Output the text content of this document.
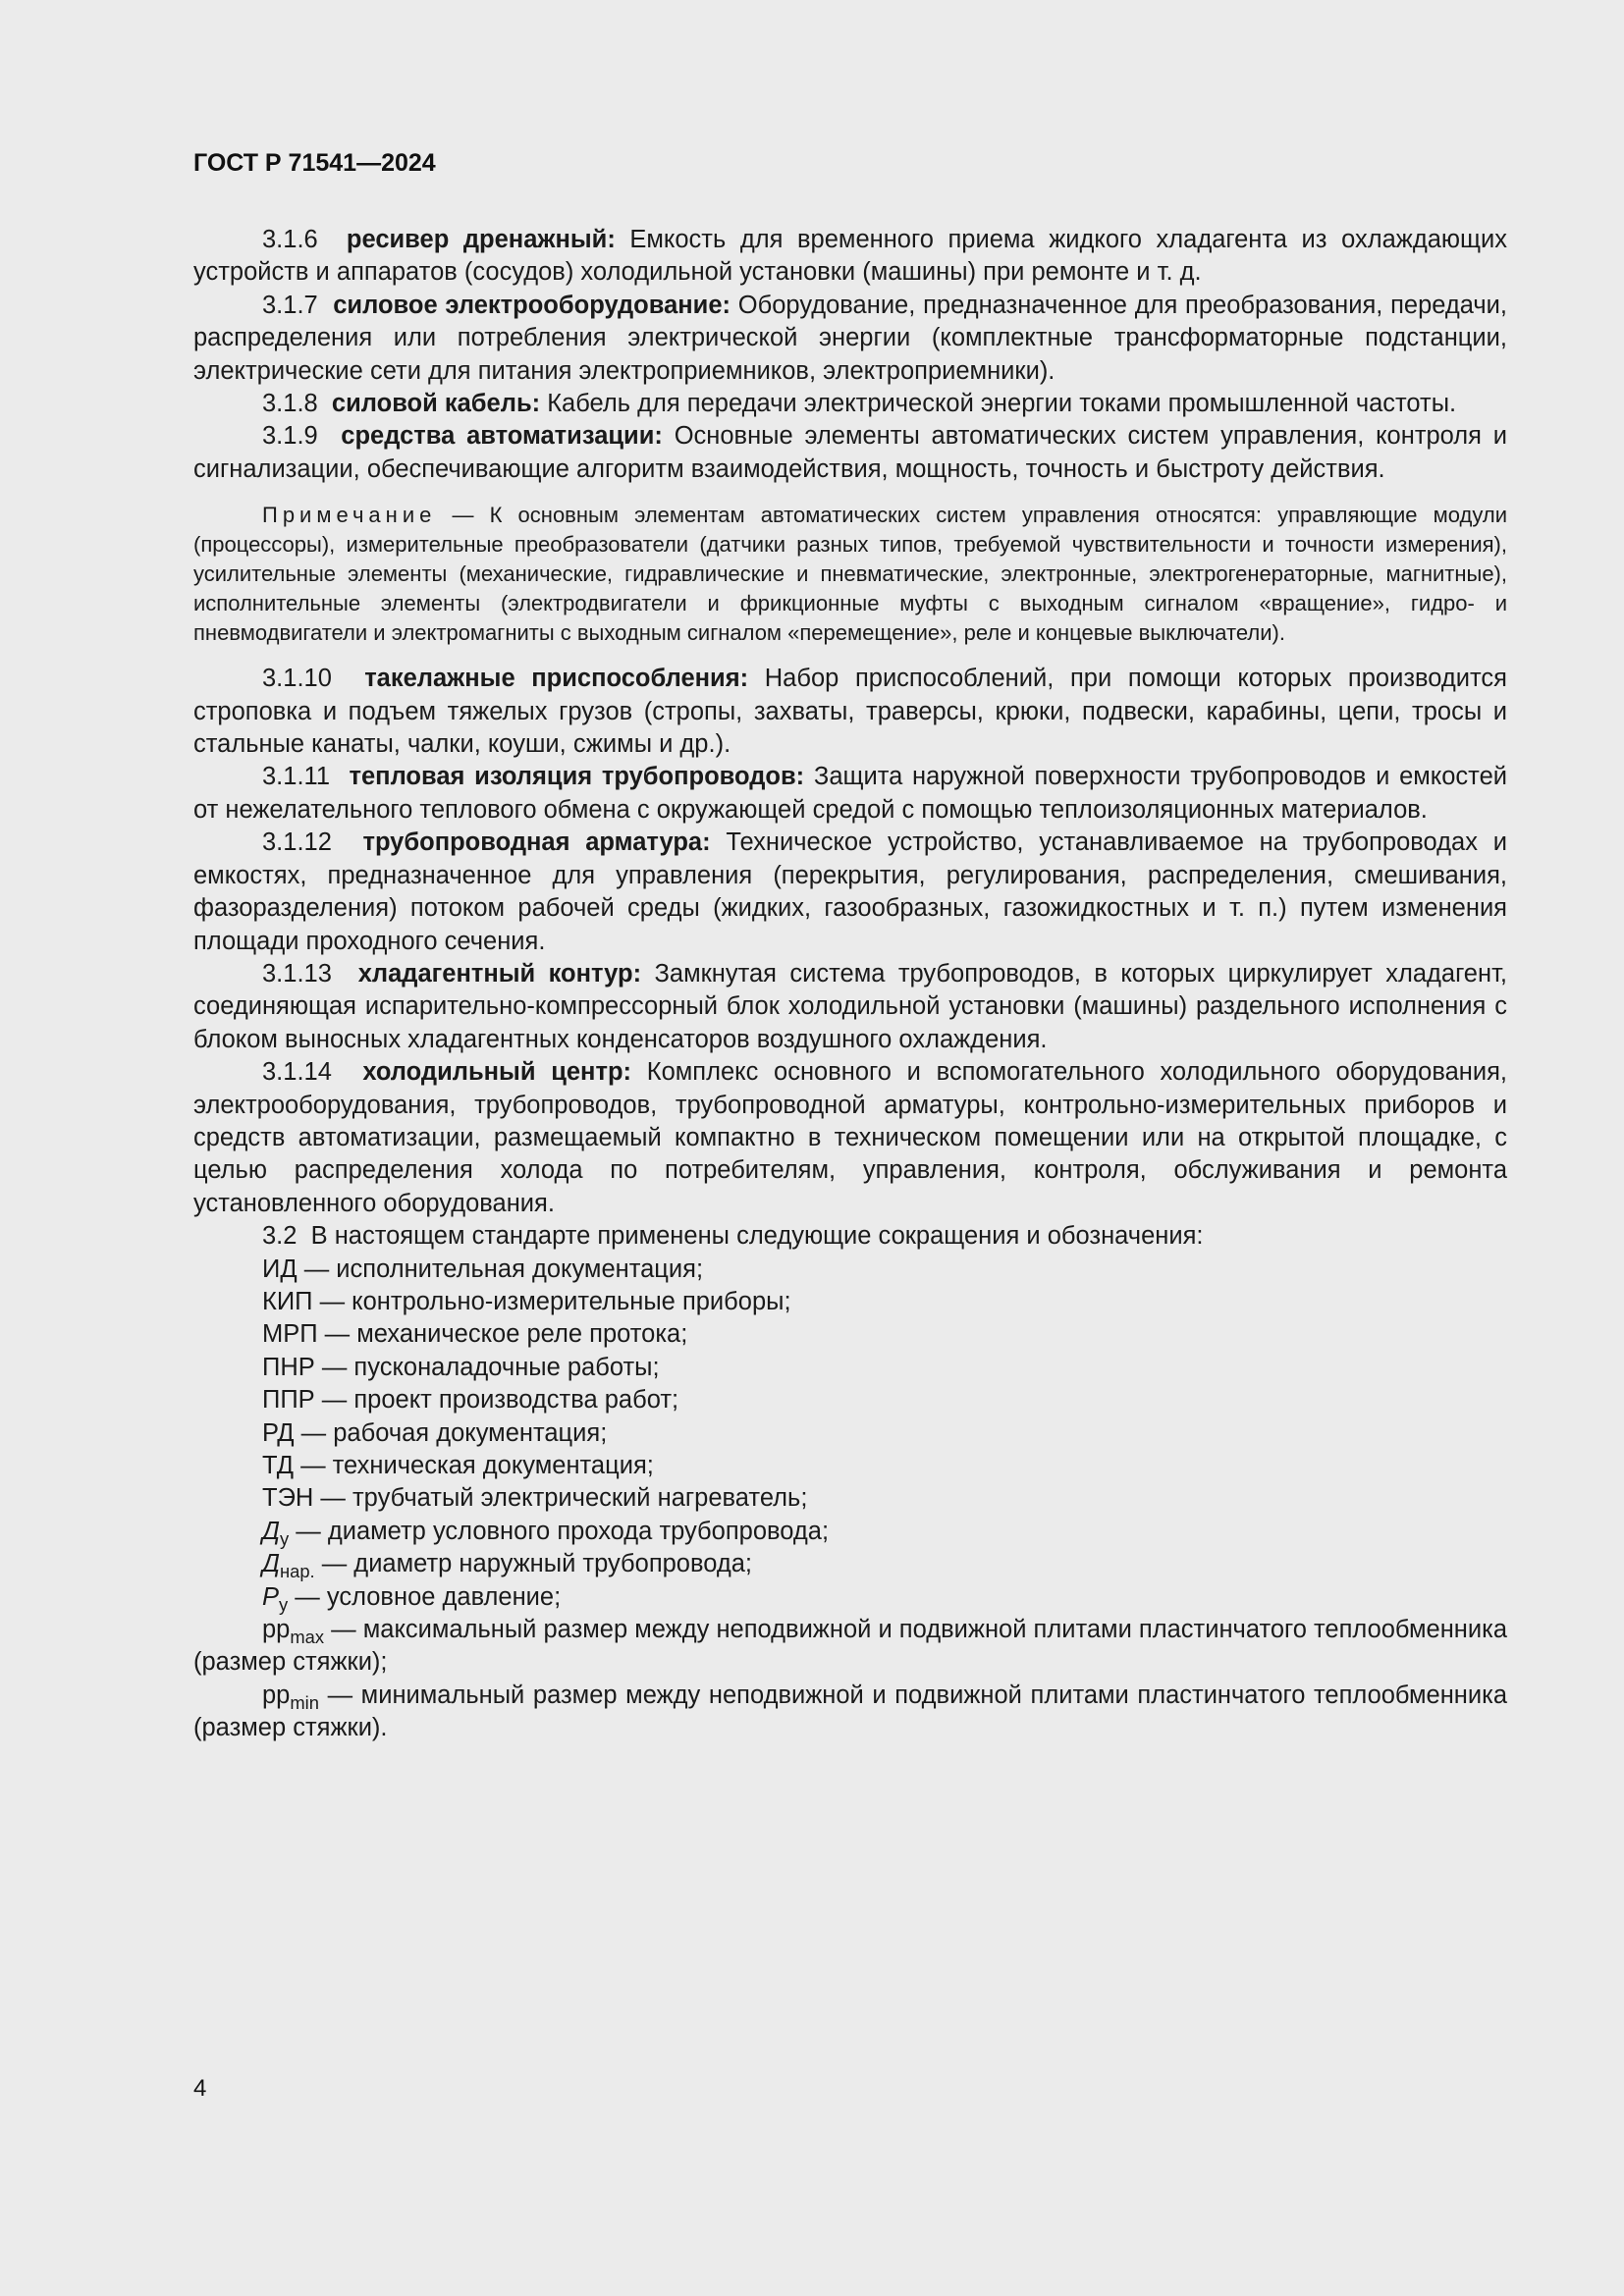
ГОСТ Р 71541—2024

3.1.6 ресивер дренажный: Емкость для временного приема жидкого хладагента из охлаждающих устройств и аппаратов (сосудов) холодильной установки (машины) при ремонте и т. д.

3.1.7 силовое электрооборудование: Оборудование, предназначенное для преобразования, передачи, распределения или потребления электрической энергии (комплектные трансформаторные подстанции, электрические сети для питания электроприемников, электроприемники).

3.1.8 силовой кабель: Кабель для передачи электрической энергии токами промышленной частоты.

3.1.9 средства автоматизации: Основные элементы автоматических систем управления, контроля и сигнализации, обеспечивающие алгоритм взаимодействия, мощность, точность и быстроту действия.

Примечание — К основным элементам автоматических систем управления относятся: управляющие модули (процессоры), измерительные преобразователи (датчики разных типов, требуемой чувствительности и точности измерения), усилительные элементы (механические, гидравлические и пневматические, электронные, электрогенераторные, магнитные), исполнительные элементы (электродвигатели и фрикционные муфты с выходным сигналом «вращение», гидро- и пневмодвигатели и электромагниты с выходным сигналом «перемещение», реле и концевые выключатели).

3.1.10 такелажные приспособления: Набор приспособлений, при помощи которых производится строповка и подъем тяжелых грузов (стропы, захваты, траверсы, крюки, подвески, карабины, цепи, тросы и стальные канаты, чалки, коуши, сжимы и др.).

3.1.11 тепловая изоляция трубопроводов: Защита наружной поверхности трубопроводов и емкостей от нежелательного теплового обмена с окружающей средой с помощью теплоизоляционных материалов.

3.1.12 трубопроводная арматура: Техническое устройство, устанавливаемое на трубопроводах и емкостях, предназначенное для управления (перекрытия, регулирования, распределения, смешивания, фазоразделения) потоком рабочей среды (жидких, газообразных, газожидкостных и т. п.) путем изменения площади проходного сечения.

3.1.13 хладагентный контур: Замкнутая система трубопроводов, в которых циркулирует хладагент, соединяющая испарительно-компрессорный блок холодильной установки (машины) раздельного исполнения с блоком выносных хладагентных конденсаторов воздушного охлаждения.

3.1.14 холодильный центр: Комплекс основного и вспомогательного холодильного оборудования, электрооборудования, трубопроводов, трубопроводной арматуры, контрольно-измерительных приборов и средств автоматизации, размещаемый компактно в техническом помещении или на открытой площадке, с целью распределения холода по потребителям, управления, контроля, обслуживания и ремонта установленного оборудования.

3.2 В настоящем стандарте применены следующие сокращения и обозначения:

ИД — исполнительная документация;

КИП — контрольно-измерительные приборы;

МРП — механическое реле протока;

ПНР — пусконаладочные работы;

ППР — проект производства работ;

РД — рабочая документация;

ТД — техническая документация;

ТЭН — трубчатый электрический нагреватель;

$Д_у$ — диаметр условного прохода трубопровода;

$Д_{нар.}$ — диаметр наружный трубопровода;

$P_у$ — условное давление;

$pp_{max}$ — максимальный размер между неподвижной и подвижной плитами пластинчатого теплообменника (размер стяжки);

$pp_{min}$ — минимальный размер между неподвижной и подвижной плитами пластинчатого теплообменника (размер стяжки).

4
